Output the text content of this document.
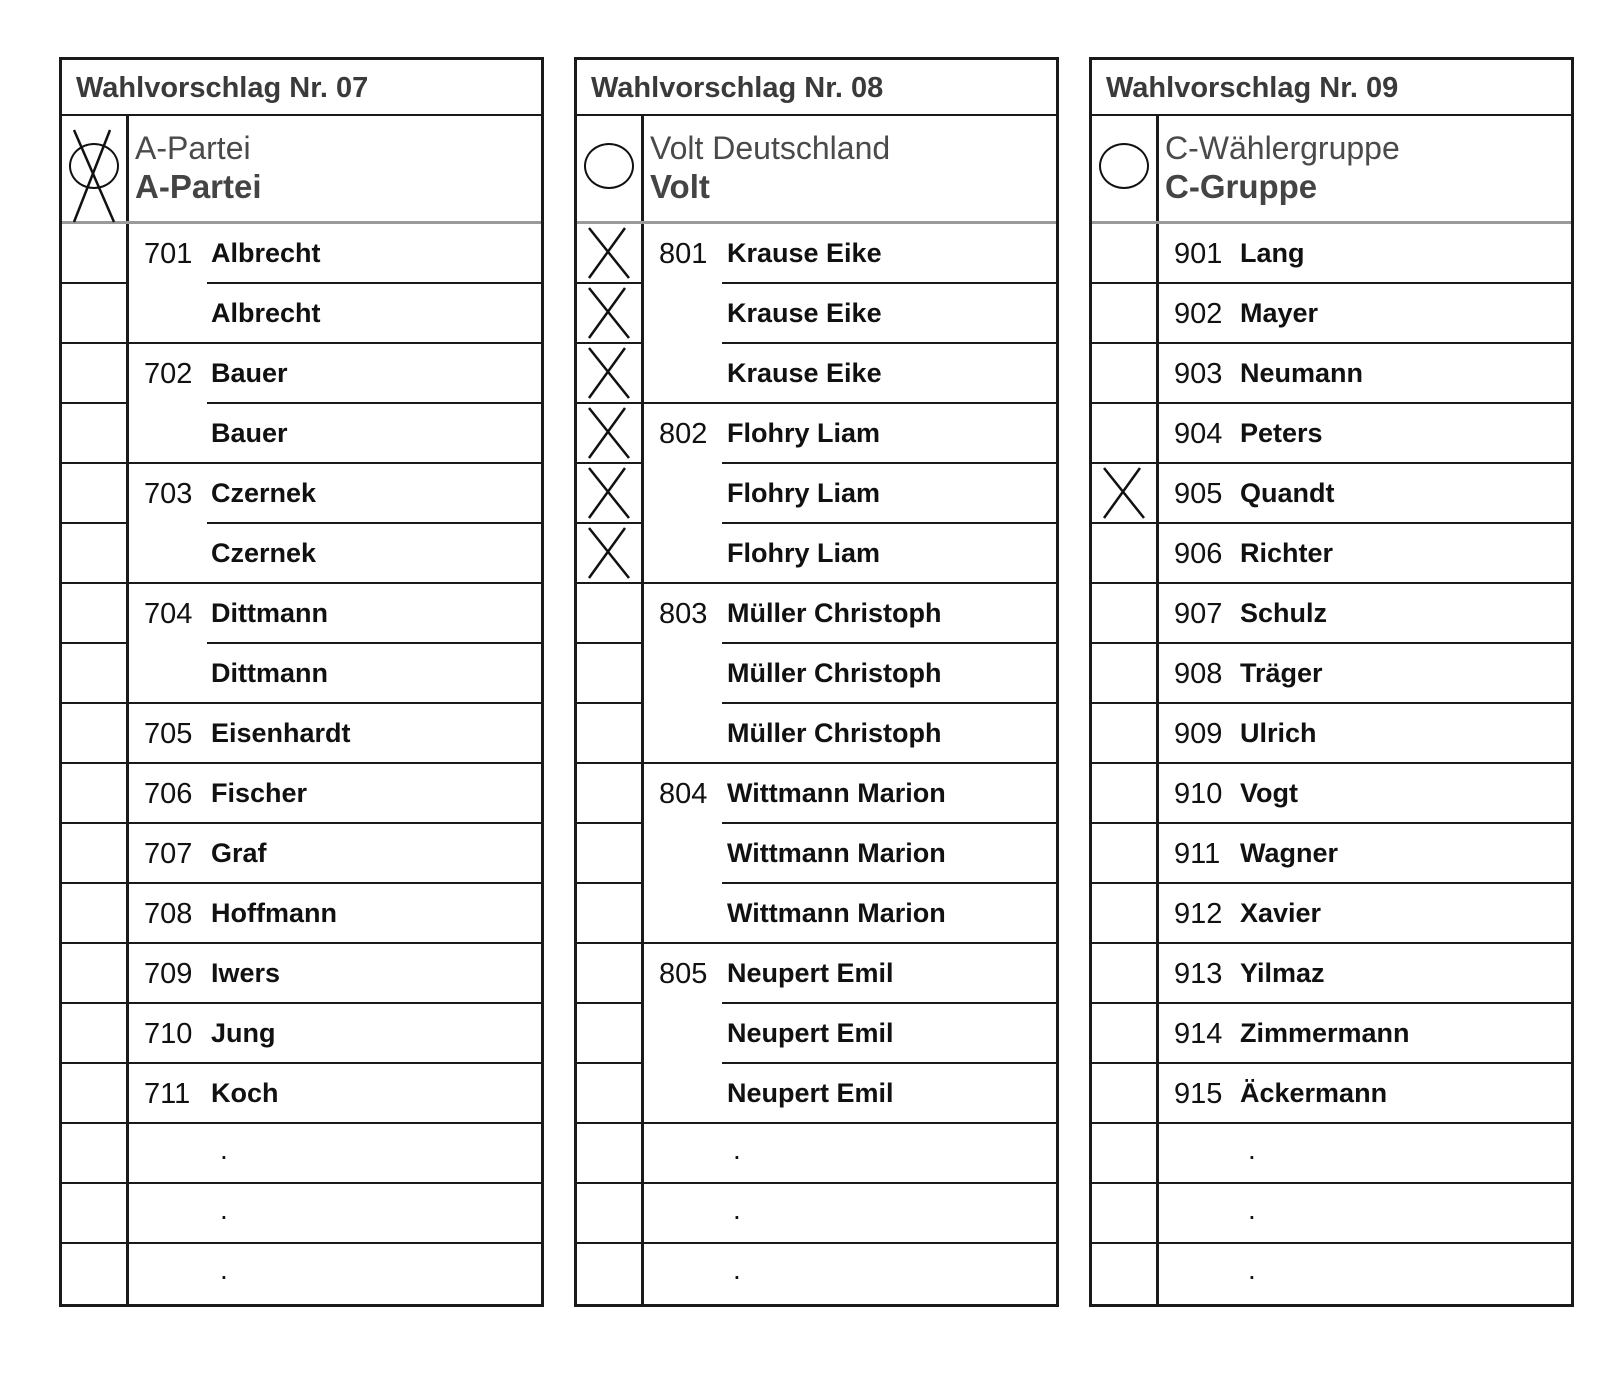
Wahlvorschlag Nr. 07
A-Partei
A-Partei
701 Albrecht
Albrecht
702 Bauer
Bauer
703 Czernek
Czernek
704 Dittmann
Dittmann
705 Eisenhardt
706 Fischer
707 Graf
708 Hoffmann
709 Iwers
710 Jung
711 Koch
.
.
.
Wahlvorschlag Nr. 08
Volt Deutschland
Volt
801 Krause Eike
Krause Eike
Krause Eike
802 Flohry Liam
Flohry Liam
Flohry Liam
803 Müller Christoph
Müller Christoph
Müller Christoph
804 Wittmann Marion
Wittmann Marion
Wittmann Marion
805 Neupert Emil
Neupert Emil
Neupert Emil
.
.
.
Wahlvorschlag Nr. 09
C-Wählergruppe
C-Gruppe
901 Lang
902 Mayer
903 Neumann
904 Peters
905 Quandt
906 Richter
907 Schulz
908 Träger
909 Ulrich
910 Vogt
911 Wagner
912 Xavier
913 Yilmaz
914 Zimmermann
915 Äckermann
.
.
.
